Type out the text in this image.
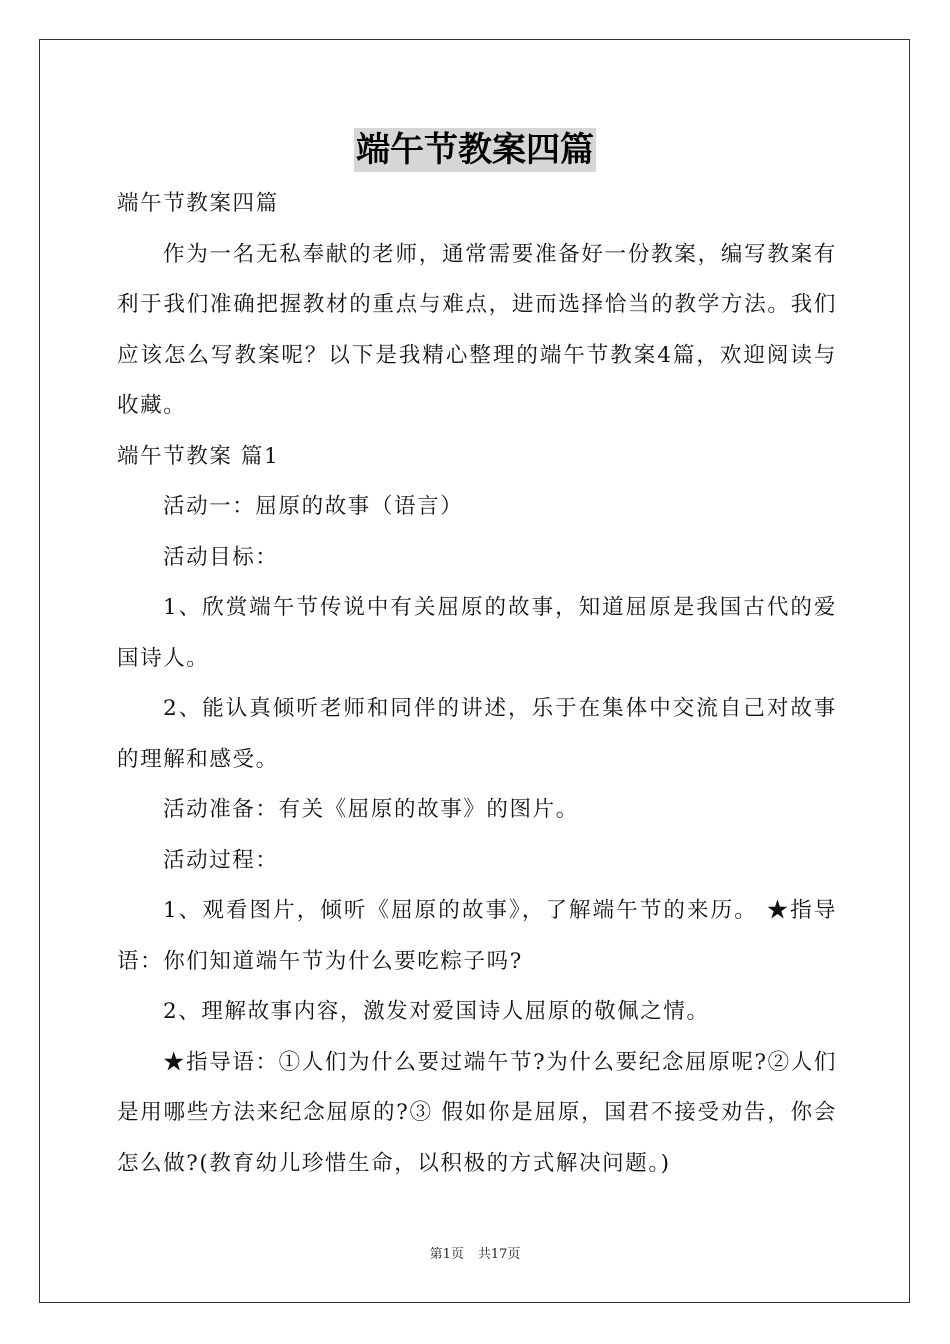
端午节教案四篇

端午节教案四篇

作为一名无私奉献的老师，通常需要准备好一份教案，编写教案有利于我们准确把握教材的重点与难点，进而选择恰当的教学方法。我们应该怎么写教案呢？以下是我精心整理的端午节教案4篇，欢迎阅读与收藏。

端午节教案 篇1

活动一：屈原的故事（语言）

活动目标：

1、欣赏端午节传说中有关屈原的故事，知道屈原是我国古代的爱国诗人。

2、能认真倾听老师和同伴的讲述，乐于在集体中交流自己对故事的理解和感受。

活动准备：有关《屈原的故事》的图片。

活动过程：

1、观看图片，倾听《屈原的故事》，了解端午节的来历。 ★指导语：你们知道端午节为什么要吃粽子吗?

2、理解故事内容，激发对爱国诗人屈原的敬佩之情。

★指导语：①人们为什么要过端午节?为什么要纪念屈原呢?②人们是用哪些方法来纪念屈原的?③ 假如你是屈原，国君不接受劝告，你会怎么做?(教育幼儿珍惜生命，以积极的方式解决问题。)

第1页 共17页
